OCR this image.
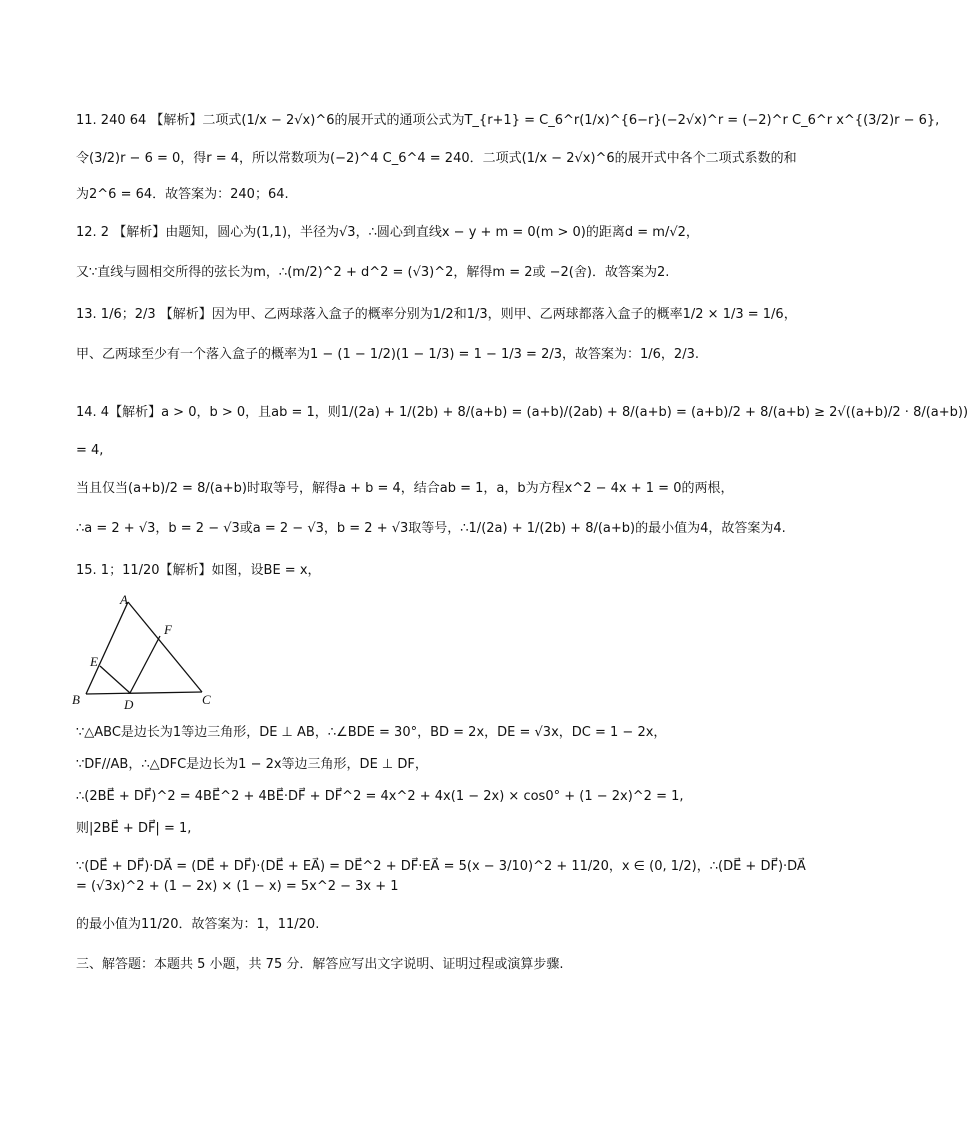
11. 240 64 【解析】二项式(1/x − 2√x)^6的展开式的通项公式为T_{r+1} = C_6^r(1/x)^{6−r}(−2√x)^r = (−2)^r C_6^r x^{(3/2)r − 6},
令(3/2)r − 6 = 0，得r = 4，所以常数项为(−2)^4 C_6^4 = 240．二项式(1/x − 2√x)^6的展开式中各个二项式系数的和
为2^6 = 64．故答案为：240；64.
12. 2 【解析】由题知，圆心为(1,1)，半径为√3，∴圆心到直线x − y + m = 0(m > 0)的距离d = m/√2，
又∵直线与圆相交所得的弦长为m，∴(m/2)^2 + d^2 = (√3)^2，解得m = 2或 −2(舍)．故答案为2.
13. 1/6；2/3 【解析】因为甲、乙两球落入盒子的概率分别为1/2和1/3，则甲、乙两球都落入盒子的概率1/2 × 1/3 = 1/6，
甲、乙两球至少有一个落入盒子的概率为1 − (1 − 1/2)(1 − 1/3) = 1 − 1/3 = 2/3，故答案为：1/6，2/3.
14. 4【解析】a > 0，b > 0，且ab = 1，则1/(2a) + 1/(2b) + 8/(a+b) = (a+b)/(2ab) + 8/(a+b) = (a+b)/2 + 8/(a+b) ≥ 2√((a+b)/2 · 8/(a+b))
= 4,
当且仅当(a+b)/2 = 8/(a+b)时取等号，解得a + b = 4，结合ab = 1，a，b为方程x^2 − 4x + 1 = 0的两根，
∴a = 2 + √3，b = 2 − √3或a = 2 − √3，b = 2 + √3取等号，∴1/(2a) + 1/(2b) + 8/(a+b)的最小值为4，故答案为4.
15. 1；11/20【解析】如图，设BE = x，
A
B	C
D
E
F
∵△ABC是边长为1等边三角形，DE ⊥ AB，∴∠BDE = 30°，BD = 2x，DE = √3x，DC = 1 − 2x，
∵DF//AB，∴△DFC是边长为1 − 2x等边三角形，DE ⊥ DF，
∴(2BE⃗ + DF⃗)^2 = 4BE⃗^2 + 4BE⃗·DF⃗ + DF⃗^2 = 4x^2 + 4x(1 − 2x) × cos0° + (1 − 2x)^2 = 1,
则|2BE⃗ + DF⃗| = 1,
∵(DE⃗ + DF⃗)·DA⃗ = (DE⃗ + DF⃗)·(DE⃗ + EA⃗) = DE⃗^2 + DF⃗·EA⃗ = 5(x − 3/10)^2 + 11/20，x ∈ (0, 1/2)，∴(DE⃗ + DF⃗)·DA⃗
= (√3x)^2 + (1 − 2x) × (1 − x) = 5x^2 − 3x + 1
的最小值为11/20．故答案为：1，11/20.
三、解答题：本题共 5 小题，共 75 分．解答应写出文字说明、证明过程或演算步骤.
